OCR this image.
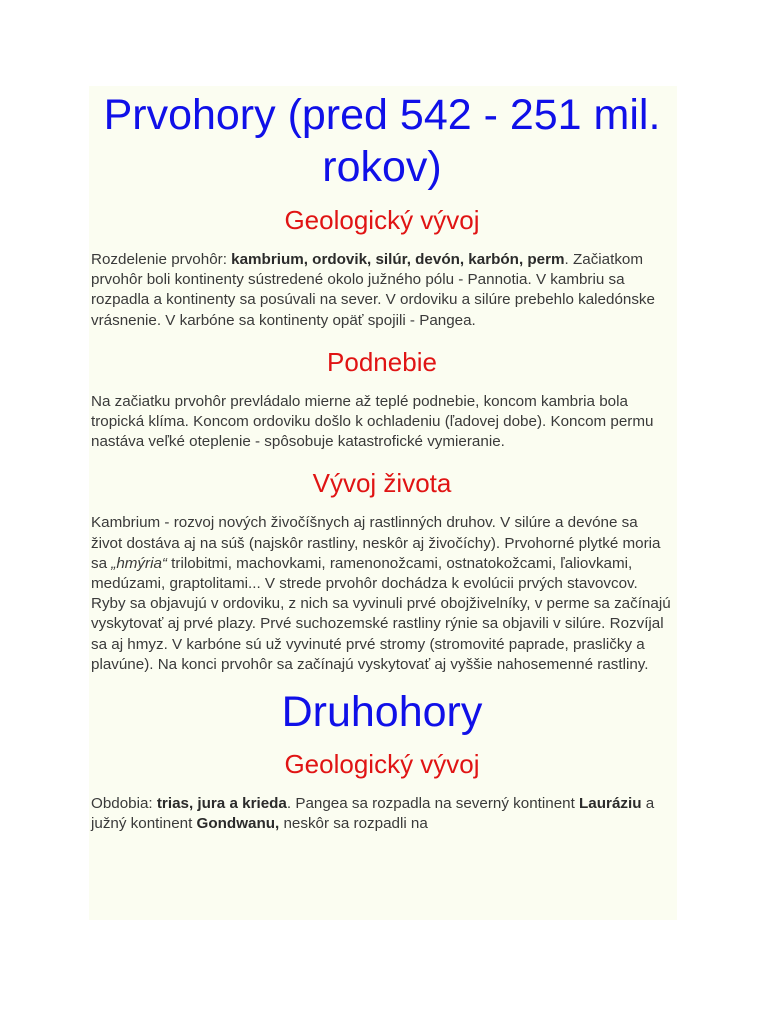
Prvohory (pred 542 - 251 mil. rokov)
Geologický vývoj

Rozdelenie prvohôr: kambrium, ordovik, silúr, devón, karbón, perm. Začiatkom prvohôr boli kontinenty sústredené okolo južného pólu - Pannotia. V kambriu sa rozpadla a kontinenty sa posúvali na sever. V ordoviku a silúre prebehlo kaledónske vrásnenie. V karbóne sa kontinenty opäť spojili - Pangea.

Podnebie

Na začiatku prvohôr prevládalo mierne až teplé podnebie, koncom kambria bola tropická klíma. Koncom ordoviku došlo k ochladeniu (ľadovej dobe). Koncom permu nastáva veľké oteplenie - spôsobuje katastrofické vymieranie.

Vývoj života

Kambrium - rozvoj nových živočíšnych aj rastlinných druhov. V silúre a devóne sa život dostáva aj na súš (najskôr rastliny, neskôr aj živočíchy). Prvohorné plytké moria sa „hmýria“ trilobitmi, machovkami, ramenonožcami, ostnatokožcami, ľaliovkami, medúzami, graptolitami... V strede prvohôr dochádza k evolúcii prvých stavovcov. Ryby sa objavujú v ordoviku, z nich sa vyvinuli prvé obojživelníky, v perme sa začínajú vyskytovať aj prvé plazy. Prvé suchozemské rastliny rýnie sa objavili v silúre. Rozvíjal sa aj hmyz. V karbóne sú už vyvinuté prvé stromy (stromovité paprade, prasličky a plavúne). Na konci prvohôr sa začínajú vyskytovať aj vyššie nahosemenné rastliny.

Druhohory
Geologický vývoj

Obdobia: trias, jura a krieda. Pangea sa rozpadla na severný kontinent Lauráziu a južný kontinent Gondwanu, neskôr sa rozpadli na
